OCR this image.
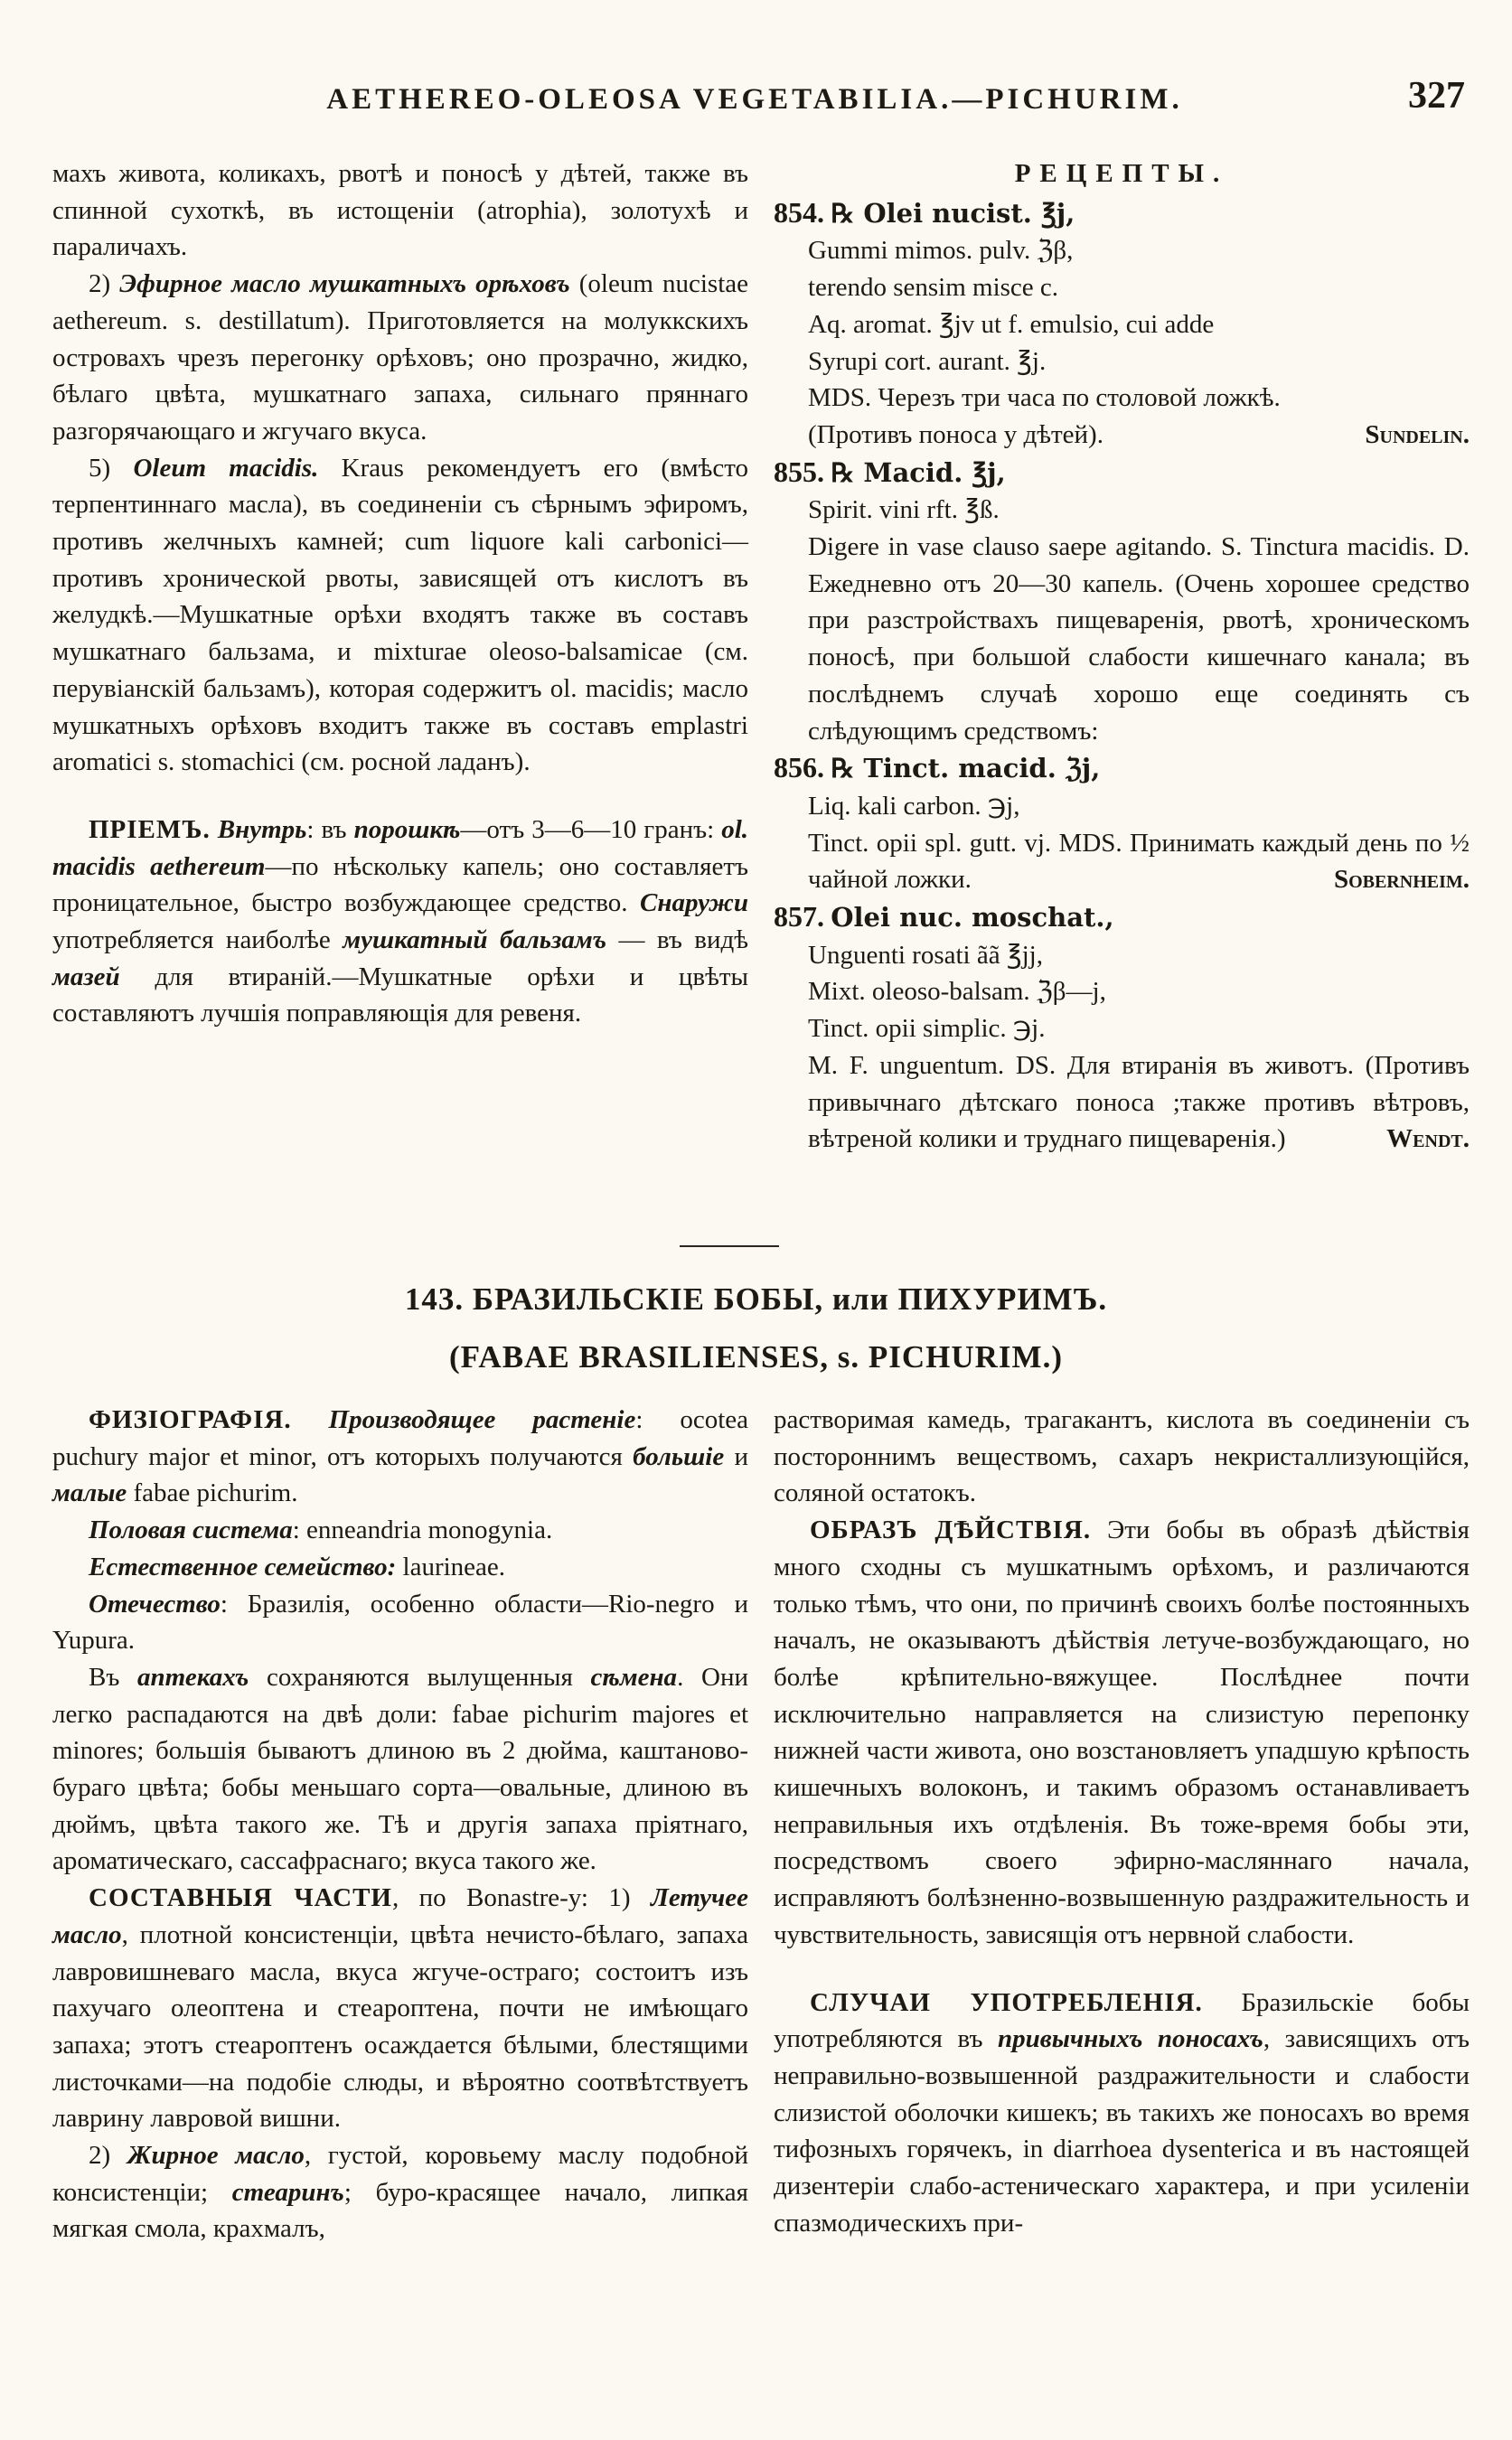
AETHEREO-OLEOSA VEGETABILIA.—PICHURIM.	327

махъ живота, коликахъ, рвотѣ и поносѣ у дѣтей, также въ спинной сухоткѣ, въ истощеніи (atrophia), золотухѣ и параличахъ.

2) Эфирное масло мушкатныхъ орѣховъ (oleum nucistae aethereum. s. destillatum). Приготовляется на молуккскихъ островахъ чрезъ перегонку орѣховъ; оно прозрачно, жидко, бѣлаго цвѣта, мушкатнаго запаха, сильнаго пряннаго разгорячающаго и жгучаго вкуса.

5) Oleum macidis. Kraus рекомендуетъ его (вмѣсто терпентиннаго масла), въ соединеніи съ сѣрнымъ эфиромъ, противъ желчныхъ камней; cum liquore kali carbonici—противъ хронической рвоты, зависящей отъ кислотъ въ желудкѣ.—Мушкатные орѣхи входятъ также въ составъ мушкатнаго бальзама, и mixturae oleoso-balsamicae (см. перувіанскій бальзамъ), которая содержитъ ol. macidis; масло мушкатныхъ орѣховъ входитъ также въ составъ emplastri aromatici s. stomachici (см. росной ладанъ).

ПРІЕМЪ. Внутрь: въ порошкѣ—отъ 3—6—10 гранъ: ol. macidis aethereum—по нѣскольку капель; оно составляетъ проницательное, быстро возбуждающее средство. Снаружи употребляется наиболѣе мушкатный бальзамъ — въ видѣ мазей для втираній.—Мушкатные орѣхи и цвѣты составляютъ лучшія поправляющія для ревеня.

РЕЦЕПТЫ.
854. ℞ Olei nucist. ℥j,
Gummi mimos. pulv. ℨβ,
terendo sensim misce c.
Aq. aromat. ℥jv ut f. emulsio, cui adde
Syrupi cort. aurant. ℥j.
MDS. Черезъ три часа по столовой ложкѣ.
(Противъ поноса у дѣтей).	Sundelin.
855. ℞ Macid. ℥j,
Spirit. vini rft. ℥ß.

Digere in vase clauso saepe agitando. S. Tinctura macidis. D. Ежедневно отъ 20—30 капель. (Очень хорошее средство при разстройствахъ пищеваренія, рвотѣ, хроническомъ поносѣ, при большой слабости кишечнаго канала; въ послѣднемъ случаѣ хорошо еще соединять съ слѣдующимъ средствомъ:

856. ℞ Tinct. macid. ℨj,
Liq. kali carbon. ℈j,

Tinct. opii spl. gutt. vj. MDS. Принимать каждый день по ½ чайной ложки.	Sobernheim.

857. Olei nuc. moschat.,
Unguenti rosati ãã ℥jj,
Mixt. oleoso-balsam. ℨβ—j,
Tinct. opii simplic. ℈j.

M. F. unguentum. DS. Для втиранія въ животъ. (Противъ привычнаго дѣтскаго поноса ;также противъ вѣтровъ, вѣтреной колики и труднаго пищеваренія.)	Wendt.

143. БРАЗИЛЬСКІЕ БОБЫ, или ПИХУРИМЪ.
(FABAE BRASILIENSES, s. PICHURIM.)

ФИЗІОГРАФІЯ. Производящее растеніе: ocotea puchury major et minor, отъ которыхъ получаются большіе и малые fabae pichurim.

Половая система: enneandria monogynia.

Естественное семейство: laurineae.

Отечество: Бразилія, особенно области—Rio-negro и Yupura.

Въ аптекахъ сохраняются вылущенныя сѣмена. Они легко распадаются на двѣ доли: fabae pichurim majores et minores; большія бываютъ длиною въ 2 дюйма, каштаново-бураго цвѣта; бобы меньшаго сорта—овальные, длиною въ дюймъ, цвѣта такого же. Тѣ и другія запаха пріятнаго, ароматическаго, сассафраснаго; вкуса такого же.

СОСТАВНЫЯ ЧАСТИ, по Bonastre-у: 1) Летучее масло, плотной консистенціи, цвѣта нечисто-бѣлаго, запаха лавровишневаго масла, вкуса жгуче-остраго; состоитъ изъ пахучаго олеоптена и стеароптена, почти не имѣющаго запаха; этотъ стеароптенъ осаждается бѣлыми, блестящими листочками—на подобіе слюды, и вѣроятно соотвѣтствуетъ лаврину лавровой вишни.

2) Жирное масло, густой, коровьему маслу подобной консистенціи; стеаринъ; буро-красящее начало, липкая мягкая смола, крахмалъ,

растворимая камедь, трагакантъ, кислота въ соединеніи съ постороннимъ веществомъ, сахаръ некристаллизующійся, соляной остатокъ.

ОБРАЗЪ ДѢЙСТВІЯ. Эти бобы въ образѣ дѣйствія много сходны съ мушкатнымъ орѣхомъ, и различаются только тѣмъ, что они, по причинѣ своихъ болѣе постоянныхъ началъ, не оказываютъ дѣйствія летуче-возбуждающаго, но болѣе крѣпительно-вяжущее. Послѣднее почти исключительно направляется на слизистую перепонку нижней части живота, оно возстановляетъ упадшую крѣпость кишечныхъ волоконъ, и такимъ образомъ останавливаетъ неправильныя ихъ отдѣленія. Въ тоже-время бобы эти, посредствомъ своего эфирно-масляннаго начала, исправляютъ болѣзненно-возвышенную раздражительность и чувствительность, зависящія отъ нервной слабости.

СЛУЧАИ УПОТРЕБЛЕНІЯ. Бразильскіе бобы употребляются въ привычныхъ поносахъ, зависящихъ отъ неправильно-возвышенной раздражительности и слабости слизистой оболочки кишекъ; въ такихъ же поносахъ во время тифозныхъ горячекъ, in diarrhoea dysenterica и въ настоящей дизентеріи слабо-астеническаго характера, и при усиленіи спазмодическихъ при-
